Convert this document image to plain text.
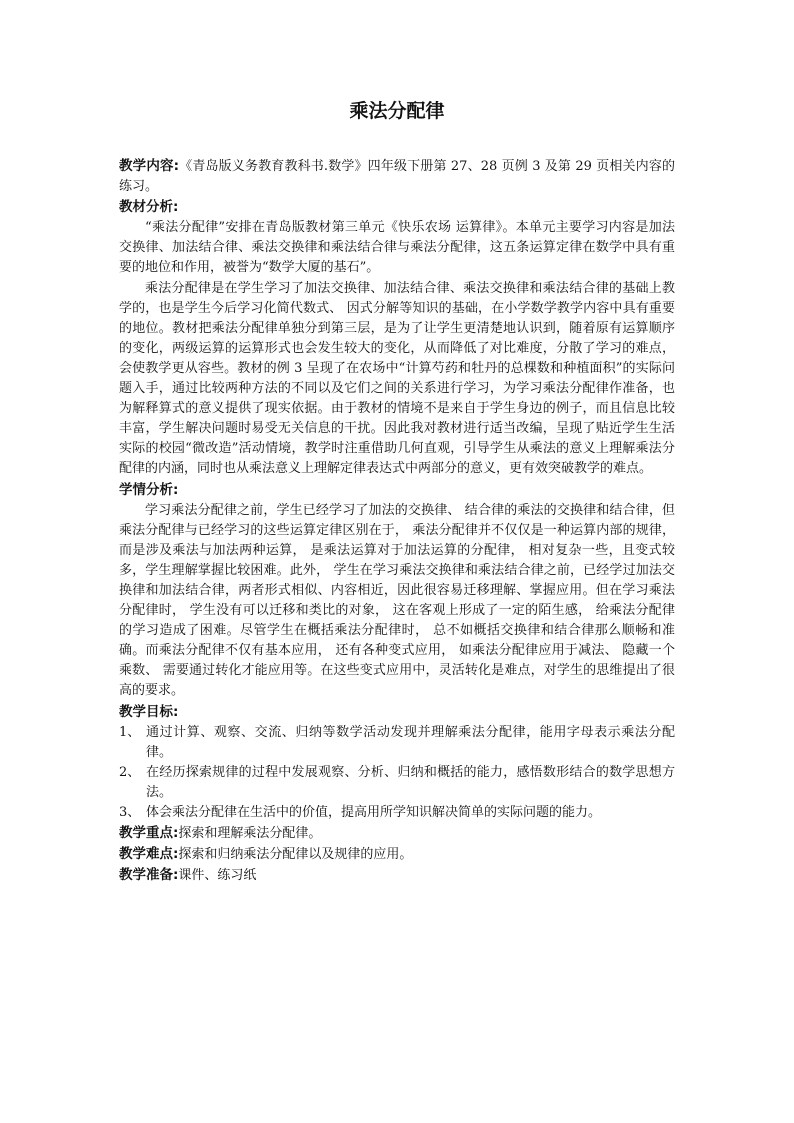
乘法分配律

教学内容:《青岛版义务教育教科书.数学》四年级下册第 27、28 页例 3 及第 29 页相关内容的练习。

教材分析:

“乘法分配律”安排在青岛版教材第三单元《快乐农场 运算律》。本单元主要学习内容是加法交换律、加法结合律、乘法交换律和乘法结合律与乘法分配律，这五条运算定律在数学中具有重要的地位和作用，被誉为“数学大厦的基石”。

乘法分配律是在学生学习了加法交换律、加法结合律、乘法交换律和乘法结合律的基础上教学的，也是学生今后学习化简代数式、 因式分解等知识的基础，在小学数学教学内容中具有重要的地位。教材把乘法分配律单独分到第三层，是为了让学生更清楚地认识到，随着原有运算顺序的变化，两级运算的运算形式也会发生较大的变化，从而降低了对比难度，分散了学习的难点，会使教学更从容些。教材的例 3 呈现了在农场中“计算芍药和牡丹的总棵数和种植面积”的实际问题入手，通过比较两种方法的不同以及它们之间的关系进行学习，为学习乘法分配律作准备，也为解释算式的意义提供了现实依据。由于教材的情境不是来自于学生身边的例子，而且信息比较丰富，学生解决问题时易受无关信息的干扰。因此我对教材进行适当改编，呈现了贴近学生生活实际的校园“微改造”活动情境，教学时注重借助几何直观，引导学生从乘法的意义上理解乘法分配律的内涵，同时也从乘法意义上理解定律表达式中两部分的意义，更有效突破教学的难点。

学情分析:

学习乘法分配律之前，学生已经学习了加法的交换律、 结合律的乘法的交换律和结合律，但乘法分配律与已经学习的这些运算定律区别在于， 乘法分配律并不仅仅是一种运算内部的规律， 而是涉及乘法与加法两种运算， 是乘法运算对于加法运算的分配律， 相对复杂一些，且变式较多，学生理解掌握比较困难。此外， 学生在学习乘法交换律和乘法结合律之前，已经学过加法交换律和加法结合律，两者形式相似、内容相近，因此很容易迁移理解、掌握应用。但在学习乘法分配律时， 学生没有可以迁移和类比的对象， 这在客观上形成了一定的陌生感， 给乘法分配律的学习造成了困难。尽管学生在概括乘法分配律时， 总不如概括交换律和结合律那么顺畅和准确。而乘法分配律不仅有基本应用， 还有各种变式应用， 如乘法分配律应用于减法、 隐藏一个乘数、 需要通过转化才能应用等。在这些变式应用中，灵活转化是难点，对学生的思维提出了很高的要求。

教学目标:

1、 通过计算、观察、交流、归纳等数学活动发现并理解乘法分配律，能用字母表示乘法分配律。
2、 在经历探索规律的过程中发展观察、分析、归纳和概括的能力，感悟数形结合的数学思想方法。
3、 体会乘法分配律在生活中的价值，提高用所学知识解决简单的实际问题的能力。

教学重点:探索和理解乘法分配律。

教学难点:探索和归纳乘法分配律以及规律的应用。

教学准备:课件、练习纸
